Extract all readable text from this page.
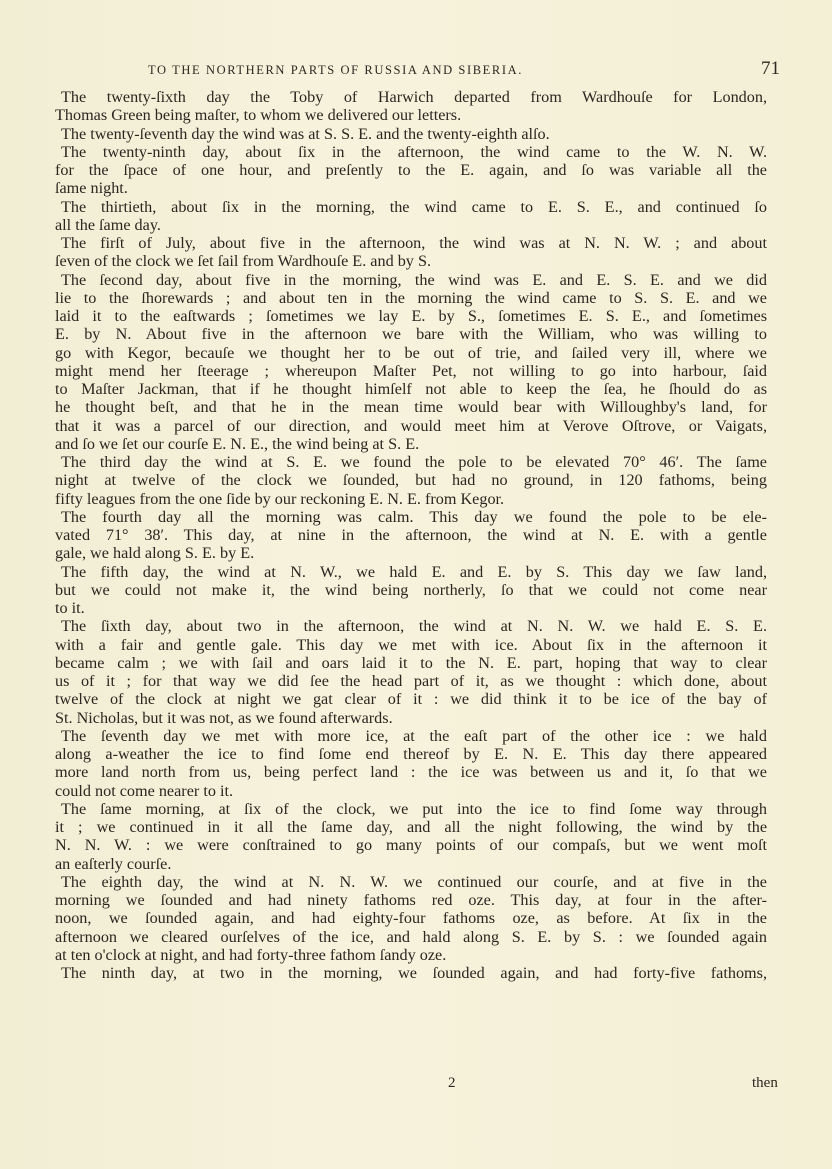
TO THE NORTHERN PARTS OF RUSSIA AND SIBERIA.	71
The twenty-ſixth day the Toby of Harwich departed from Wardhouſe for London,
Thomas Green being maſter, to whom we delivered our letters.
The twenty-ſeventh day the wind was at S. S. E. and the twenty-eighth alſo.
The twenty-ninth day, about ſix in the afternoon, the wind came to the W. N. W.
for the ſpace of one hour, and preſently to the E. again, and ſo was variable all the
ſame night.
The thirtieth, about ſix in the morning, the wind came to E. S. E., and continued ſo
all the ſame day.
The firſt of July, about five in the afternoon, the wind was at N. N. W. ; and about
ſeven of the clock we ſet ſail from Wardhouſe E. and by S.
The ſecond day, about five in the morning, the wind was E. and E. S. E. and we did
lie to the ſhorewards ; and about ten in the morning the wind came to S. S. E. and we
laid it to the eaſtwards ; ſometimes we lay E. by S., ſometimes E. S. E., and ſometimes
E. by N. About five in the afternoon we bare with the William, who was willing to
go with Kegor, becauſe we thought her to be out of trie, and ſailed very ill, where we
might mend her ſteerage ; whereupon Maſter Pet, not willing to go into harbour, ſaid
to Maſter Jackman, that if he thought himſelf not able to keep the ſea, he ſhould do as
he thought beſt, and that he in the mean time would bear with Willoughby's land, for
that it was a parcel of our direction, and would meet him at Verove Oſtrove, or Vaigats,
and ſo we ſet our courſe E. N. E., the wind being at S. E.
The third day the wind at S. E. we found the pole to be elevated 70° 46′. The ſame
night at twelve of the clock we ſounded, but had no ground, in 120 fathoms, being
fifty leagues from the one ſide by our reckoning E. N. E. from Kegor.
The fourth day all the morning was calm. This day we found the pole to be ele-
vated 71° 38′. This day, at nine in the afternoon, the wind at N. E. with a gentle
gale, we hald along S. E. by E.
The fifth day, the wind at N. W., we hald E. and E. by S. This day we ſaw land,
but we could not make it, the wind being northerly, ſo that we could not come near
to it.
The ſixth day, about two in the afternoon, the wind at N. N. W. we hald E. S. E.
with a fair and gentle gale. This day we met with ice. About ſix in the afternoon it
became calm ; we with ſail and oars laid it to the N. E. part, hoping that way to clear
us of it ; for that way we did ſee the head part of it, as we thought : which done, about
twelve of the clock at night we gat clear of it : we did think it to be ice of the bay of
St. Nicholas, but it was not, as we found afterwards.
The ſeventh day we met with more ice, at the eaſt part of the other ice : we hald
along a-weather the ice to find ſome end thereof by E. N. E. This day there appeared
more land north from us, being perfect land : the ice was between us and it, ſo that we
could not come nearer to it.
The ſame morning, at ſix of the clock, we put into the ice to find ſome way through
it ; we continued in it all the ſame day, and all the night following, the wind by the
N. N. W. : we were conſtrained to go many points of our compaſs, but we went moſt
an eaſterly courſe.
The eighth day, the wind at N. N. W. we continued our courſe, and at five in the
morning we ſounded and had ninety fathoms red oze. This day, at four in the after-
noon, we ſounded again, and had eighty-four fathoms oze, as before. At ſix in the
afternoon we cleared ourſelves of the ice, and hald along S. E. by S. : we ſounded again
at ten o'clock at night, and had forty-three fathom ſandy oze.
The ninth day, at two in the morning, we ſounded again, and had forty-five fathoms,
2	then
